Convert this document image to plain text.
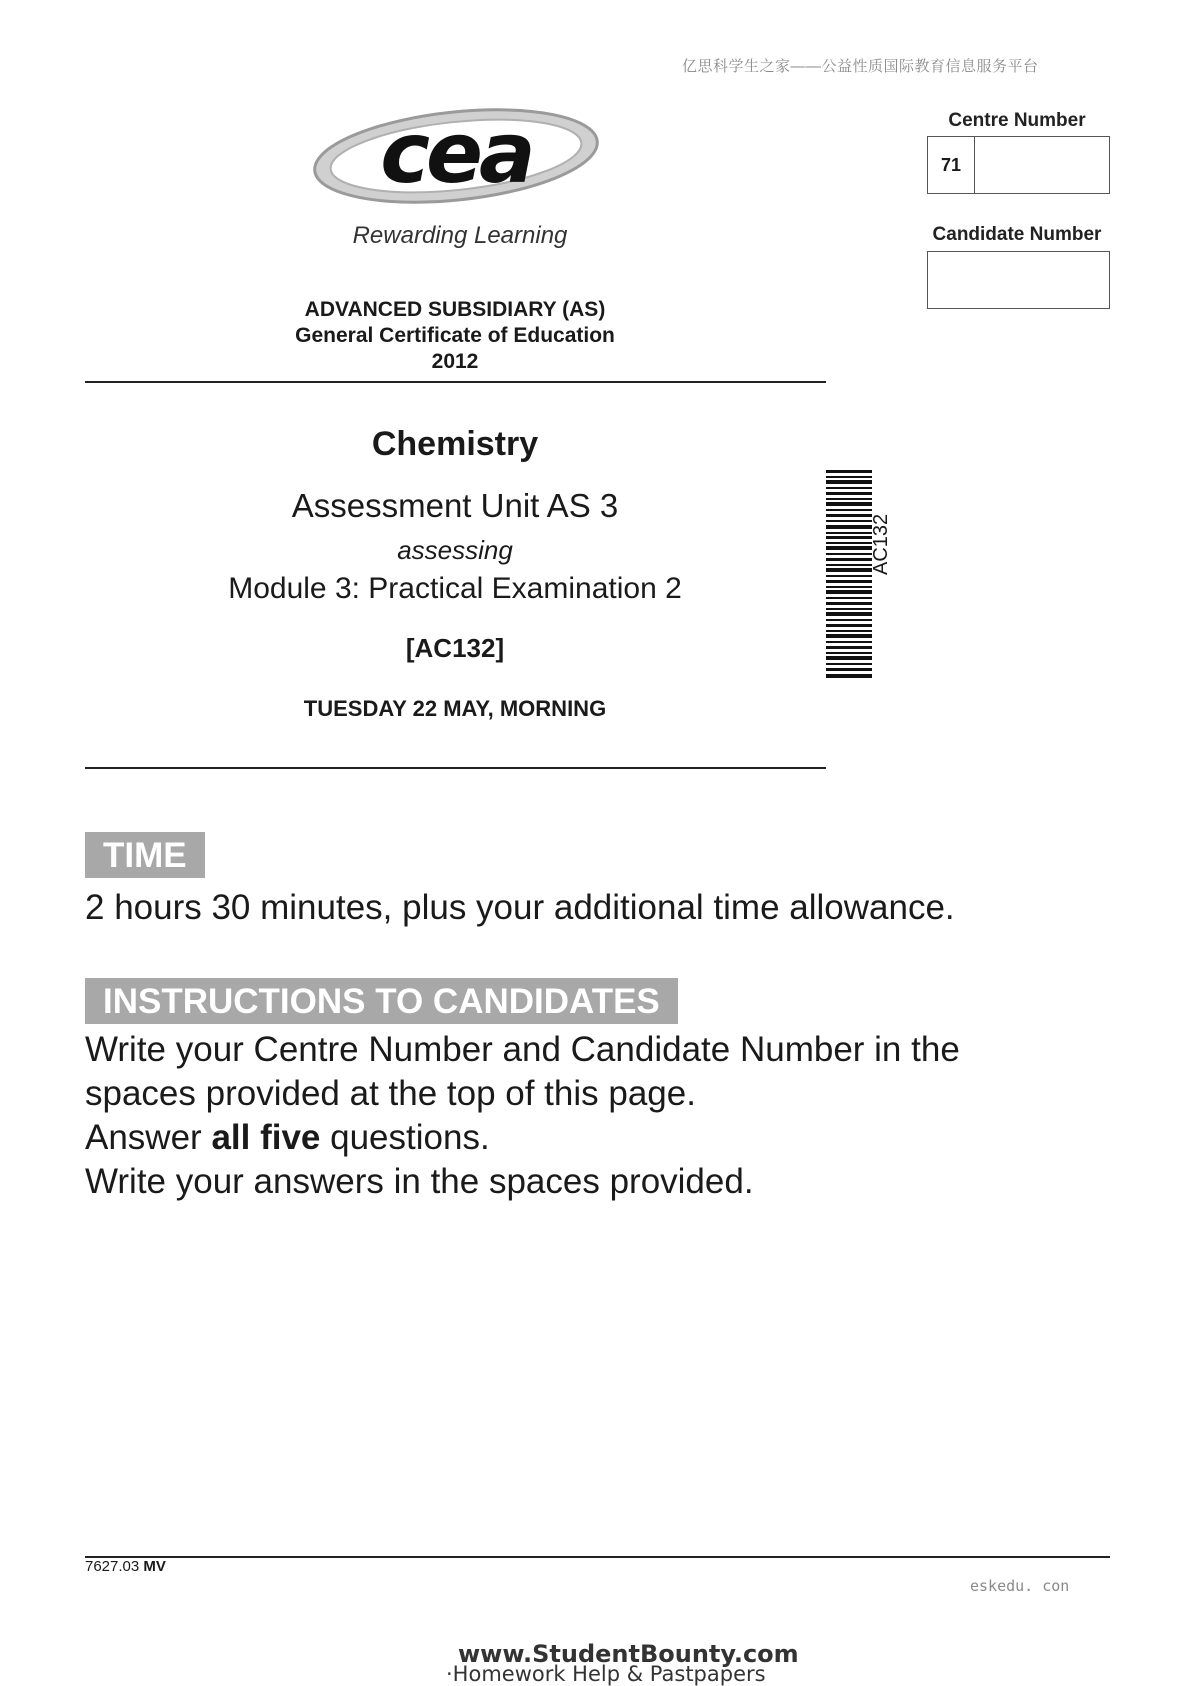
亿思科学生之家——公益性质国际教育信息服务平台
cea
Rewarding Learning
Centre Number
71
Candidate Number
ADVANCED SUBSIDIARY (AS)
General Certificate of Education
2012
Chemistry
Assessment Unit AS 3
assessing
Module 3: Practical Examination 2
[AC132]
TUESDAY 22 MAY, MORNING
AC132
TIME
2 hours 30 minutes, plus your additional time allowance.
INSTRUCTIONS TO CANDIDATES
Write your Centre Number and Candidate Number in the
spaces provided at the top of this page.
Answer all five questions.
Write your answers in the spaces provided.
7627.03 MV
eskedu. con
www.StudentBounty.com
·Homework Help & Pastpapers
